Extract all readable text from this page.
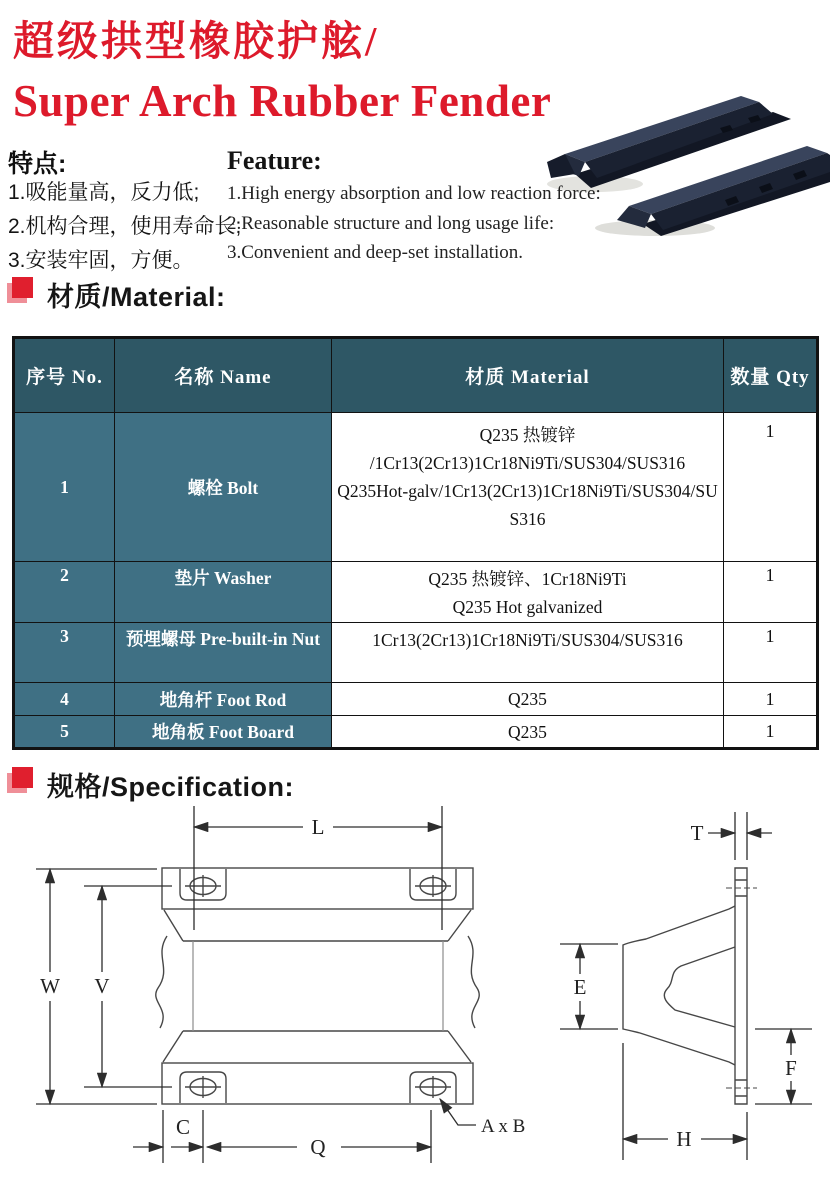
超级拱型橡胶护舷/
Super Arch Rubber Fender
特点:
1.吸能量高，反力低;
2.机构合理，使用寿命长;
3.安装牢固，方便。
Feature:
1.High energy absorption and low reaction force:
2.Reasonable structure and long usage life:
3.Convenient and deep-set installation.
材质/Material:
序号 No.	名称 Name	材质 Material	数量 Qty
1	螺栓 Bolt	Q235 热镀锌
/1Cr13(2Cr13)1Cr18Ni9Ti/SUS304/SUS316
Q235Hot-galv/1Cr13(2Cr13)1Cr18Ni9Ti/SUS304/SU
S316	1
2	垫片 Washer	Q235 热镀锌、1Cr18Ni9Ti
Q235 Hot galvanized	1
3	预埋螺母 Pre-built-in Nut	1Cr13(2Cr13)1Cr18Ni9Ti/SUS304/SUS316	1
4	地角杆 Foot Rod	Q235	1
5	地角板 Foot Board	Q235	1
规格/Specification:
L
W V
C
Q
A x B
T
E
F
H
